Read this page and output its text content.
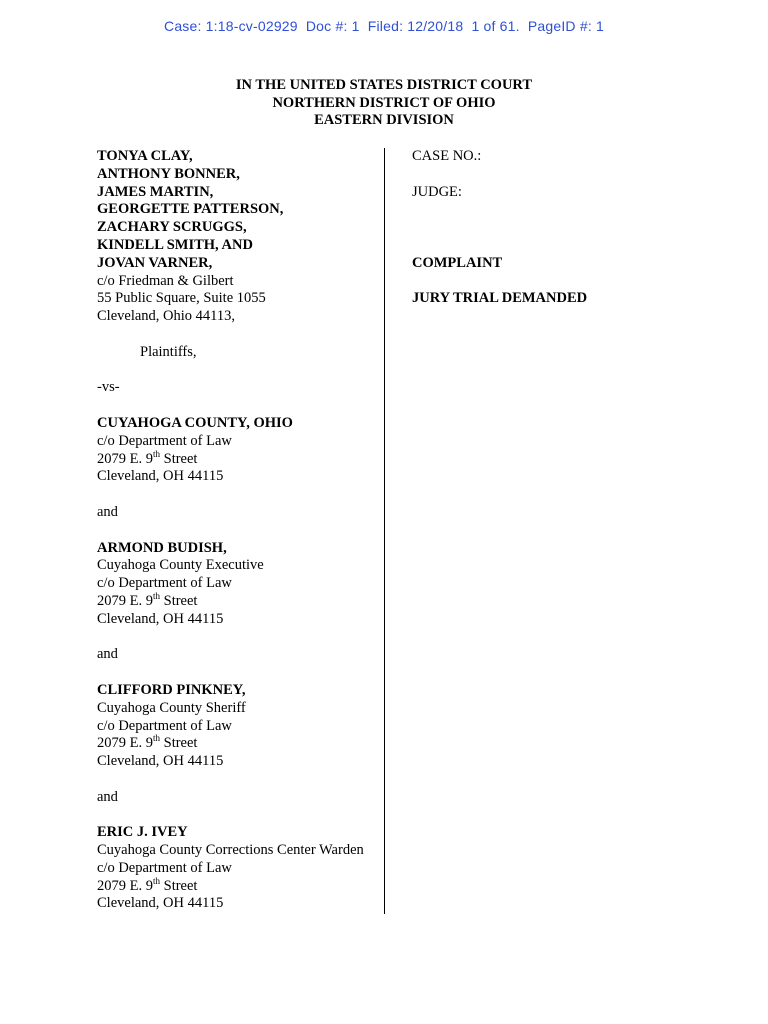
Case: 1:18-cv-02929 Doc #: 1 Filed: 12/20/18 1 of 61. PageID #: 1
IN THE UNITED STATES DISTRICT COURT
NORTHERN DISTRICT OF OHIO
EASTERN DIVISION
TONYA CLAY,
ANTHONY BONNER,
JAMES MARTIN,
GEORGETTE PATTERSON,
ZACHARY SCRUGGS,
KINDELL SMITH, AND
JOVAN VARNER,
c/o Friedman & Gilbert
55 Public Square, Suite 1055
Cleveland, Ohio 44113,
Plaintiffs,
-vs-
CUYAHOGA COUNTY, OHIO
c/o Department of Law
2079 E. 9th Street
Cleveland, OH 44115
and
ARMOND BUDISH,
Cuyahoga County Executive
c/o Department of Law
2079 E. 9th Street
Cleveland, OH 44115
and
CLIFFORD PINKNEY,
Cuyahoga County Sheriff
c/o Department of Law
2079 E. 9th Street
Cleveland, OH 44115
and
ERIC J. IVEY
Cuyahoga County Corrections Center Warden
c/o Department of Law
2079 E. 9th Street
Cleveland, OH 44115
CASE NO.:
JUDGE:
COMPLAINT
JURY TRIAL DEMANDED
